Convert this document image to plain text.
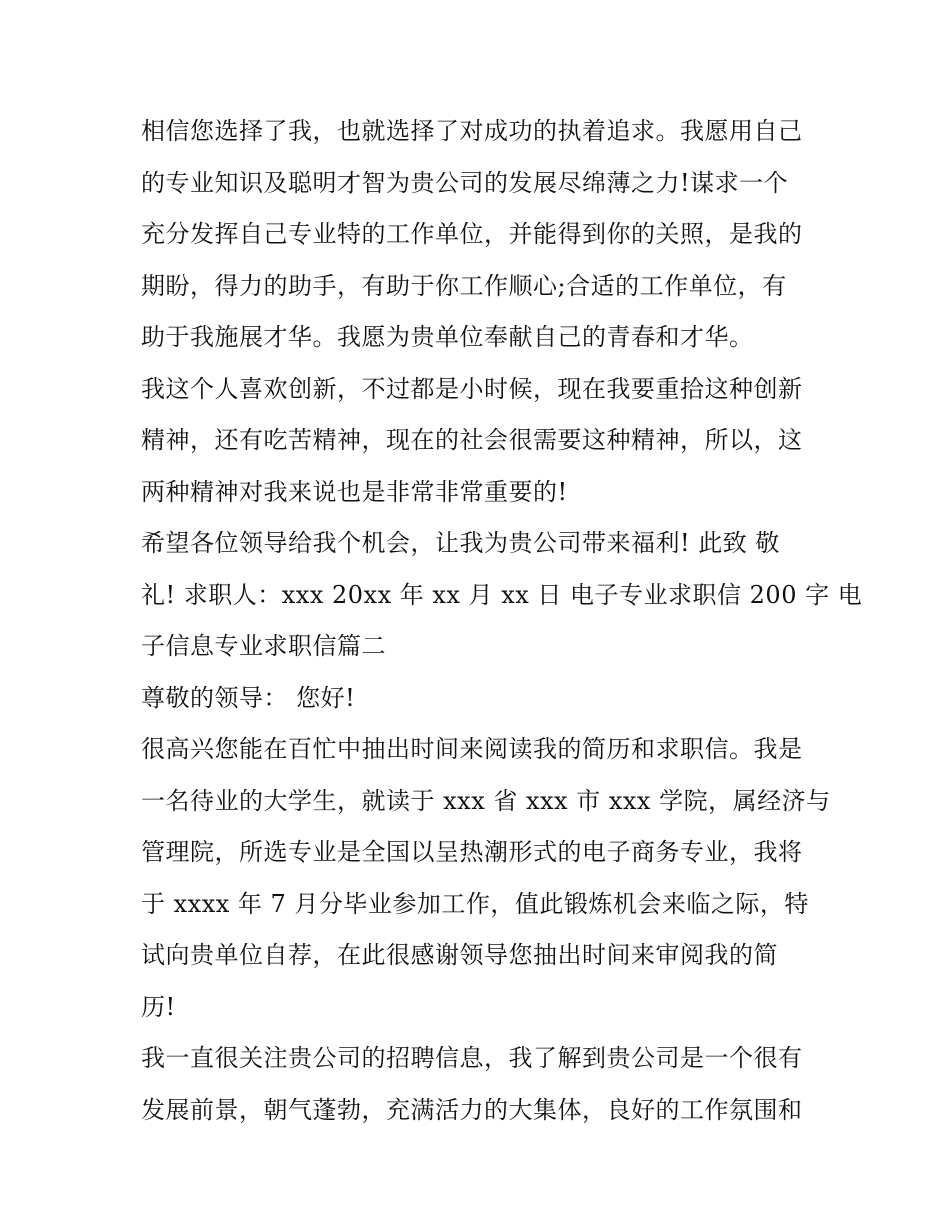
相信您选择了我，也就选择了对成功的执着追求。我愿用自己
的专业知识及聪明才智为贵公司的发展尽绵薄之力!谋求一个
充分发挥自己专业特的工作单位，并能得到你的关照，是我的
期盼，得力的助手，有助于你工作顺心;合适的工作单位，有
助于我施展才华。我愿为贵单位奉献自己的青春和才华。
我这个人喜欢创新，不过都是小时候，现在我要重拾这种创新
精神，还有吃苦精神，现在的社会很需要这种精神，所以，这
两种精神对我来说也是非常非常重要的!
希望各位领导给我个机会，让我为贵公司带来福利! 此致 敬
礼! 求职人：xxx 20xx 年 xx 月 xx 日 电子专业求职信 200 字 电
子信息专业求职信篇二
尊敬的领导： 您好!
很高兴您能在百忙中抽出时间来阅读我的简历和求职信。我是
一名待业的大学生，就读于 xxx 省 xxx 市 xxx 学院，属经济与
管理院，所选专业是全国以呈热潮形式的电子商务专业，我将
于 xxxx 年 7 月分毕业参加工作，值此锻炼机会来临之际，特
试向贵单位自荐，在此很感谢领导您抽出时间来审阅我的简
历!
我一直很关注贵公司的招聘信息，我了解到贵公司是一个很有
发展前景，朝气蓬勃，充满活力的大集体，良好的工作氛围和
